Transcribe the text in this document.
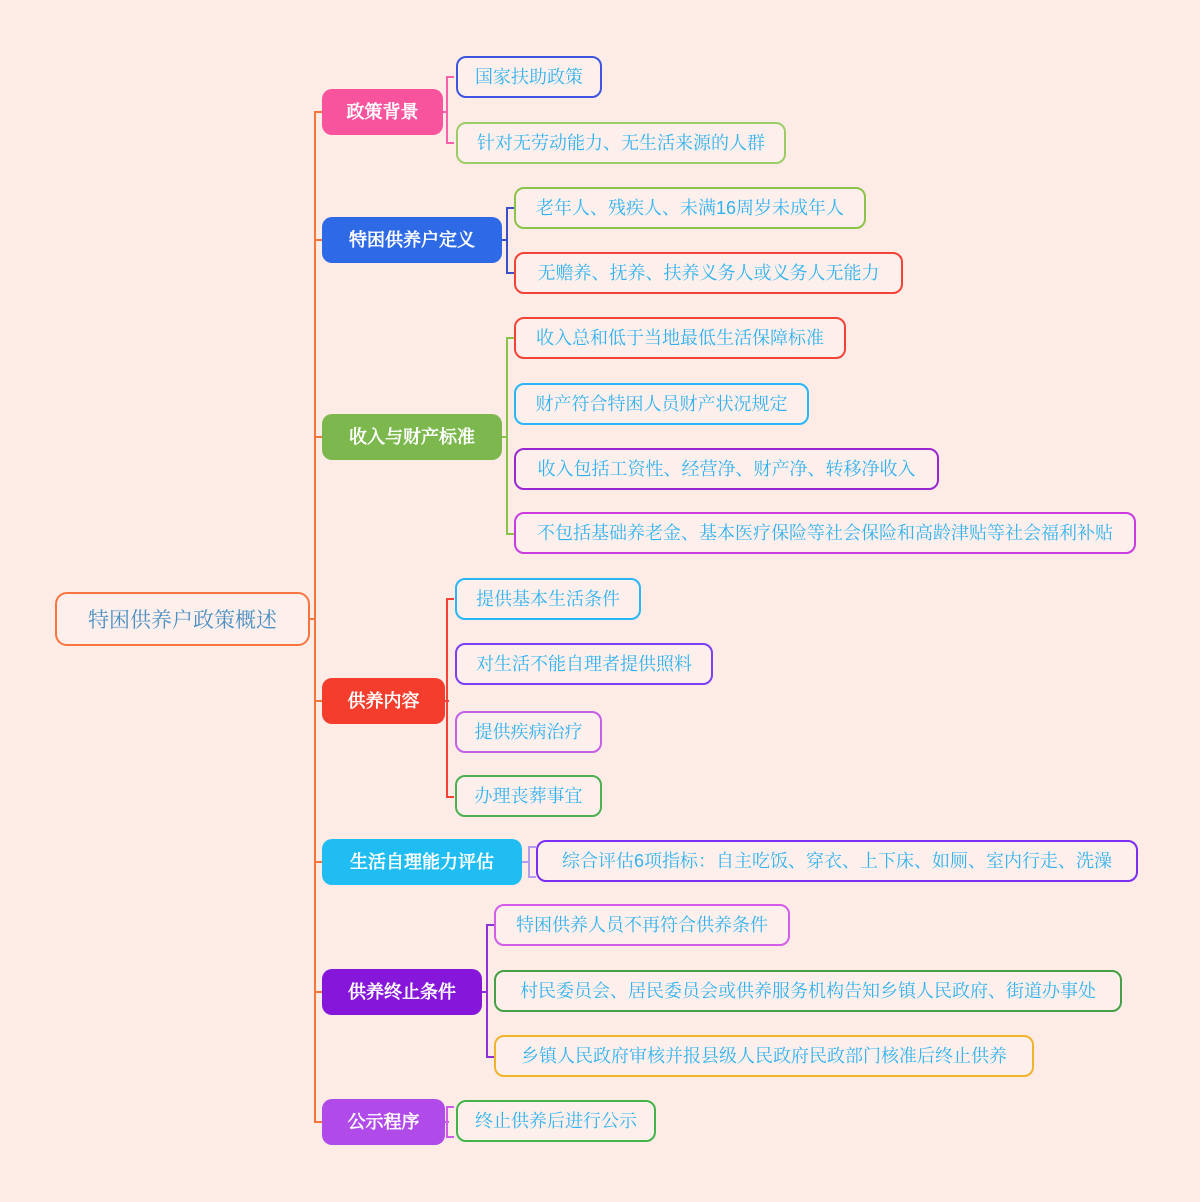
特困供养户政策概述
政策背景
国家扶助政策
针对无劳动能力、无生活来源的人群
特困供养户定义
老年人、残疾人、未满16周岁未成年人
无赡养、抚养、扶养义务人或义务人无能力
收入与财产标准
收入总和低于当地最低生活保障标准
财产符合特困人员财产状况规定
收入包括工资性、经营净、财产净、转移净收入
不包括基础养老金、基本医疗保险等社会保险和高龄津贴等社会福利补贴
供养内容
提供基本生活条件
对生活不能自理者提供照料
提供疾病治疗
办理丧葬事宜
生活自理能力评估	综合评估6项指标：自主吃饭、穿衣、上下床、如厕、室内行走、洗澡
供养终止条件
特困供养人员不再符合供养条件
村民委员会、居民委员会或供养服务机构告知乡镇人民政府、街道办事处
乡镇人民政府审核并报县级人民政府民政部门核准后终止供养
公示程序	终止供养后进行公示
